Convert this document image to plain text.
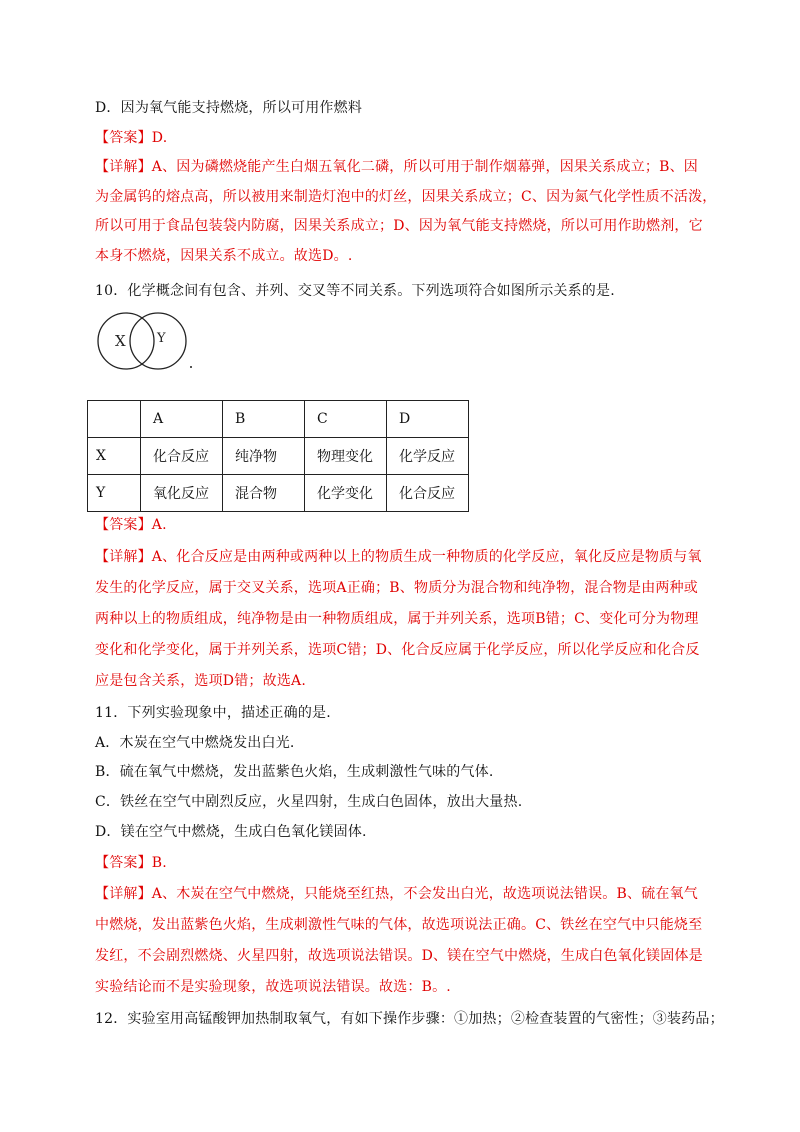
D．因为氧气能支持燃烧，所以可用作燃料
【答案】D.
【详解】A、因为磷燃烧能产生白烟五氧化二磷，所以可用于制作烟幕弹，因果关系成立；B、因
为金属钨的熔点高，所以被用来制造灯泡中的灯丝，因果关系成立；C、因为氮气化学性质不活泼，
所以可用于食品包装袋内防腐，因果关系成立；D、因为氧气能支持燃烧，所以可用作助燃剂，它
本身不燃烧，因果关系不成立。故选D。.
10．化学概念间有包含、并列、交叉等不同关系。下列选项符合如图所示关系的是.
X Y
	A	B	C	D
X	化合反应	纯净物	物理变化	化学反应
Y	氧化反应	混合物	化学变化	化合反应
【答案】A.
【详解】A、化合反应是由两种或两种以上的物质生成一种物质的化学反应，氧化反应是物质与氧
发生的化学反应，属于交叉关系，选项A正确；B、物质分为混合物和纯净物，混合物是由两种或
两种以上的物质组成，纯净物是由一种物质组成，属于并列关系，选项B错；C、变化可分为物理
变化和化学变化，属于并列关系，选项C错；D、化合反应属于化学反应，所以化学反应和化合反
应是包含关系，选项D错；故选A.
11．下列实验现象中，描述正确的是.
A．木炭在空气中燃烧发出白光.
B．硫在氧气中燃烧，发出蓝紫色火焰，生成刺激性气味的气体.
C．铁丝在空气中剧烈反应，火星四射，生成白色固体，放出大量热.
D．镁在空气中燃烧，生成白色氧化镁固体.
【答案】B.
【详解】A、木炭在空气中燃烧，只能烧至红热，不会发出白光，故选项说法错误。B、硫在氧气
中燃烧，发出蓝紫色火焰，生成刺激性气味的气体，故选项说法正确。C、铁丝在空气中只能烧至
发红，不会剧烈燃烧、火星四射，故选项说法错误。D、镁在空气中燃烧，生成白色氧化镁固体是
实验结论而不是实验现象，故选项说法错误。故选：B。.
12．实验室用高锰酸钾加热制取氧气，有如下操作步骤：①加热；②检查装置的气密性；③装药品；
